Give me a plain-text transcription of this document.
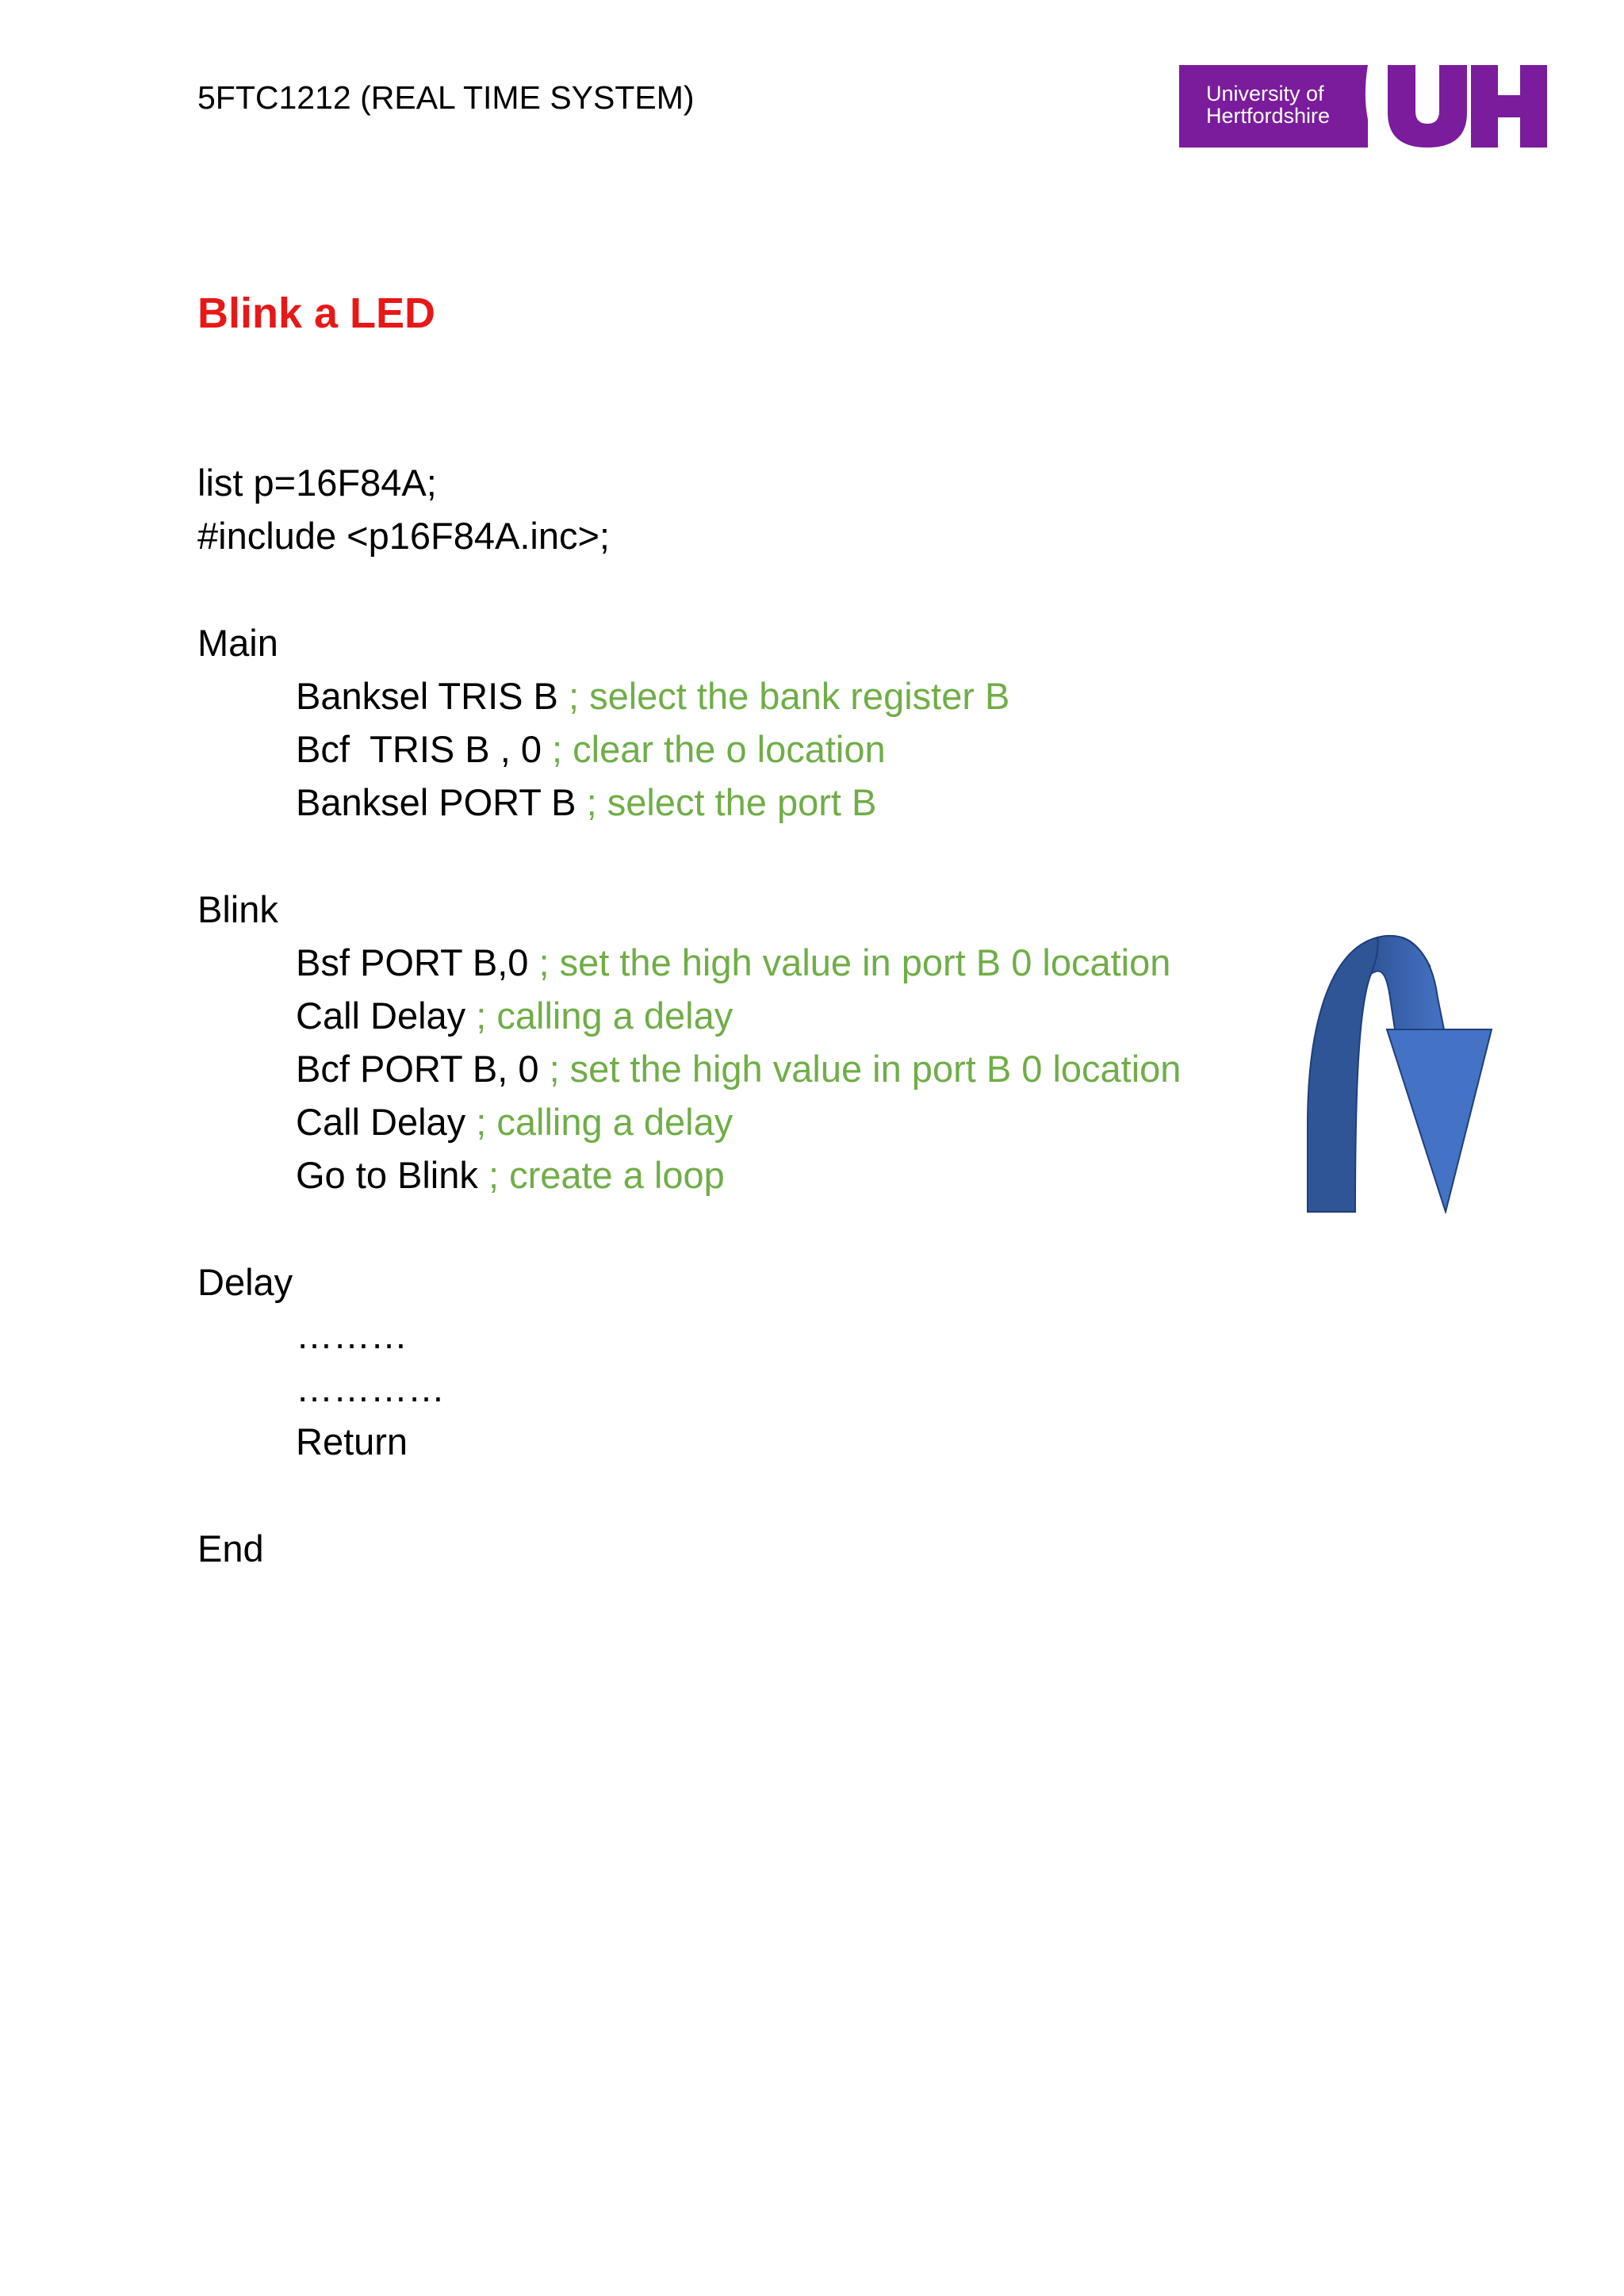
5FTC1212 (REAL TIME SYSTEM)	University of
Hertfordshire
Blink a LED
list p=16F84A;
#include <p16F84A.inc>;
Main
Banksel TRIS B ; select the bank register B
Bcf  TRIS B , 0 ; clear the o location
Banksel PORT B ; select the port B
Blink
Bsf PORT B,0 ; set the high value in port B 0 location
Call Delay ; calling a delay
Bcf PORT B, 0 ; set the high value in port B 0 location
Call Delay ; calling a delay
Go to Blink ; create a loop
Delay
………
…………
Return
End
